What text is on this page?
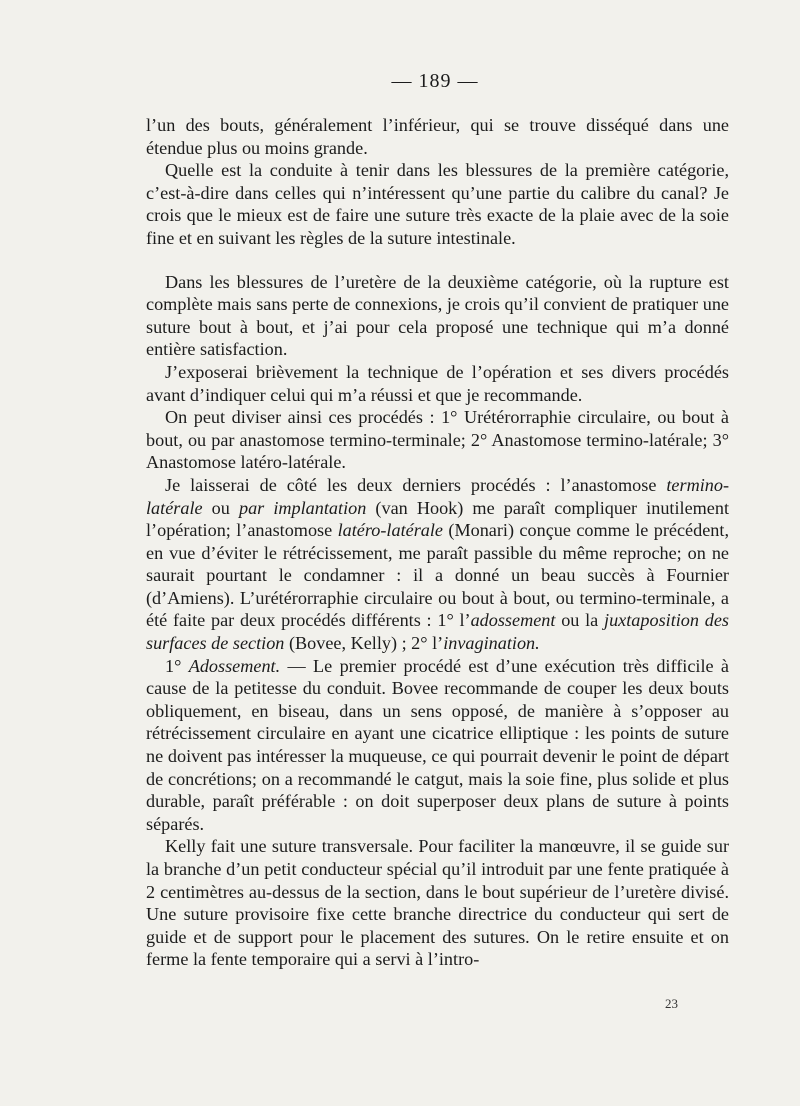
— 189 —

l’un des bouts, généralement l’inférieur, qui se trouve disséqué dans une étendue plus ou moins grande.

Quelle est la conduite à tenir dans les blessures de la première catégorie, c’est-à-dire dans celles qui n’intéressent qu’une partie du calibre du canal? Je crois que le mieux est de faire une suture très exacte de la plaie avec de la soie fine et en suivant les règles de la suture intestinale.

Dans les blessures de l’uretère de la deuxième catégorie, où la rupture est complète mais sans perte de connexions, je crois qu’il convient de pratiquer une suture bout à bout, et j’ai pour cela proposé une technique qui m’a donné entière satisfaction.

J’exposerai brièvement la technique de l’opération et ses divers procédés avant d’indiquer celui qui m’a réussi et que je recommande.

On peut diviser ainsi ces procédés : 1° Urétérorraphie circulaire, ou bout à bout, ou par anastomose termino-terminale; 2° Anastomose termino-latérale; 3° Anastomose latéro-latérale.

Je laisserai de côté les deux derniers procédés : l’anastomose termino-latérale ou par implantation (van Hook) me paraît compliquer inutilement l’opération; l’anastomose latéro-latérale (Monari) conçue comme le précédent, en vue d’éviter le rétrécissement, me paraît passible du même reproche; on ne saurait pourtant le condamner : il a donné un beau succès à Fournier (d’Amiens). L’urétérorraphie circulaire ou bout à bout, ou termino-terminale, a été faite par deux procédés différents : 1° l’adossement ou la juxtaposition des surfaces de section (Bovee, Kelly) ; 2° l’invagination.

1° Adossement. — Le premier procédé est d’une exécution très difficile à cause de la petitesse du conduit. Bovee recommande de couper les deux bouts obliquement, en biseau, dans un sens opposé, de manière à s’opposer au rétrécissement circulaire en ayant une cicatrice elliptique : les points de suture ne doivent pas intéresser la muqueuse, ce qui pourrait devenir le point de départ de concrétions; on a recommandé le catgut, mais la soie fine, plus solide et plus durable, paraît préférable : on doit superposer deux plans de suture à points séparés.

Kelly fait une suture transversale. Pour faciliter la manœuvre, il se guide sur la branche d’un petit conducteur spécial qu’il introduit par une fente pratiquée à 2 centimètres au-dessus de la section, dans le bout supérieur de l’uretère divisé. Une suture provisoire fixe cette branche directrice du conducteur qui sert de guide et de support pour le placement des sutures. On le retire ensuite et on ferme la fente temporaire qui a servi à l’intro-

23
